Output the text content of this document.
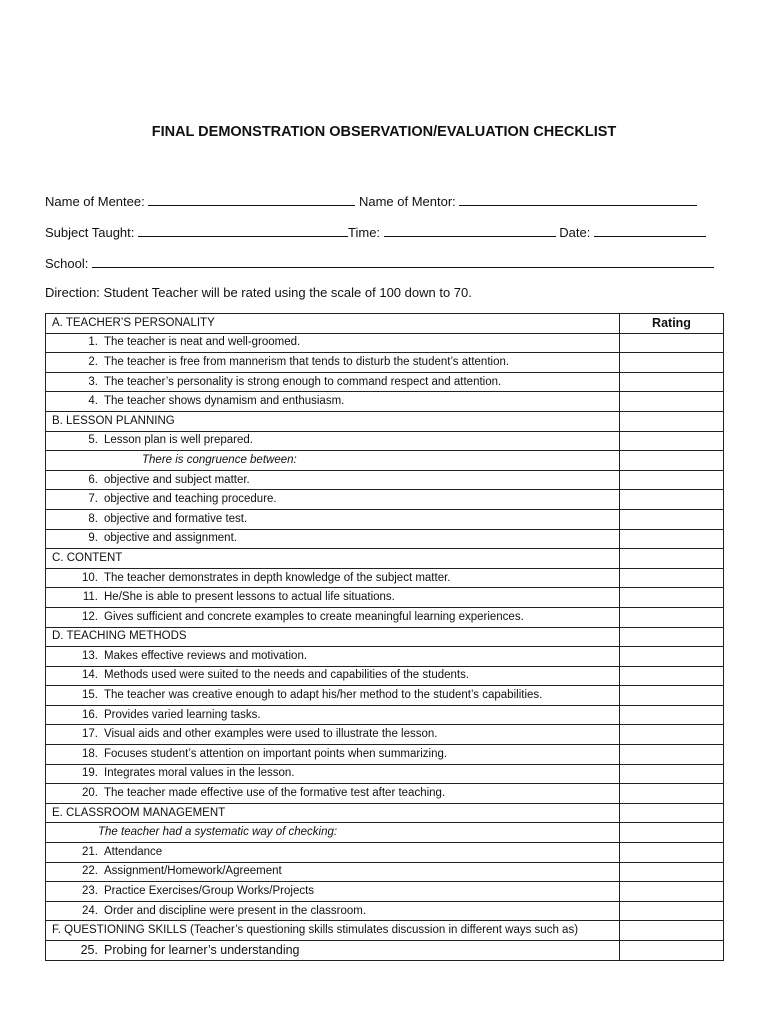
FINAL DEMONSTRATION OBSERVATION/EVALUATION CHECKLIST
Name of Mentee:	Name of Mentor:
Subject Taught:	Time:	Date:
School:
Direction: Student Teacher will be rated using the scale of 100 down to 70.
A. TEACHER’S PERSONALITY	Rating
1. The teacher is neat and well-groomed.	
2. The teacher is free from mannerism that tends to disturb the student’s attention.	
3. The teacher’s personality is strong enough to command respect and attention.	
4. The teacher shows dynamism and enthusiasm.	
B. LESSON PLANNING	
5. Lesson plan is well prepared.	
There is congruence between:	
6. objective and subject matter.	
7. objective and teaching procedure.	
8. objective and formative test.	
9. objective and assignment.	
C. CONTENT	
10. The teacher demonstrates in depth knowledge of the subject matter.	
11. He/She is able to present lessons to actual life situations.	
12. Gives sufficient and concrete examples to create meaningful learning experiences.	
D. TEACHING METHODS	
13. Makes effective reviews and motivation.	
14. Methods used were suited to the needs and capabilities of the students.	
15. The teacher was creative enough to adapt his/her method to the student’s capabilities.	
16. Provides varied learning tasks.	
17. Visual aids and other examples were used to illustrate the lesson.	
18. Focuses student’s attention on important points when summarizing.	
19. Integrates moral values in the lesson.	
20. The teacher made effective use of the formative test after teaching.	
E. CLASSROOM MANAGEMENT	
The teacher had a systematic way of checking:	
21. Attendance	
22. Assignment/Homework/Agreement	
23. Practice Exercises/Group Works/Projects	
24. Order and discipline were present in the classroom.	
F. QUESTIONING SKILLS (Teacher’s questioning skills stimulates discussion in different ways such as)	
25. Probing for learner’s understanding	
